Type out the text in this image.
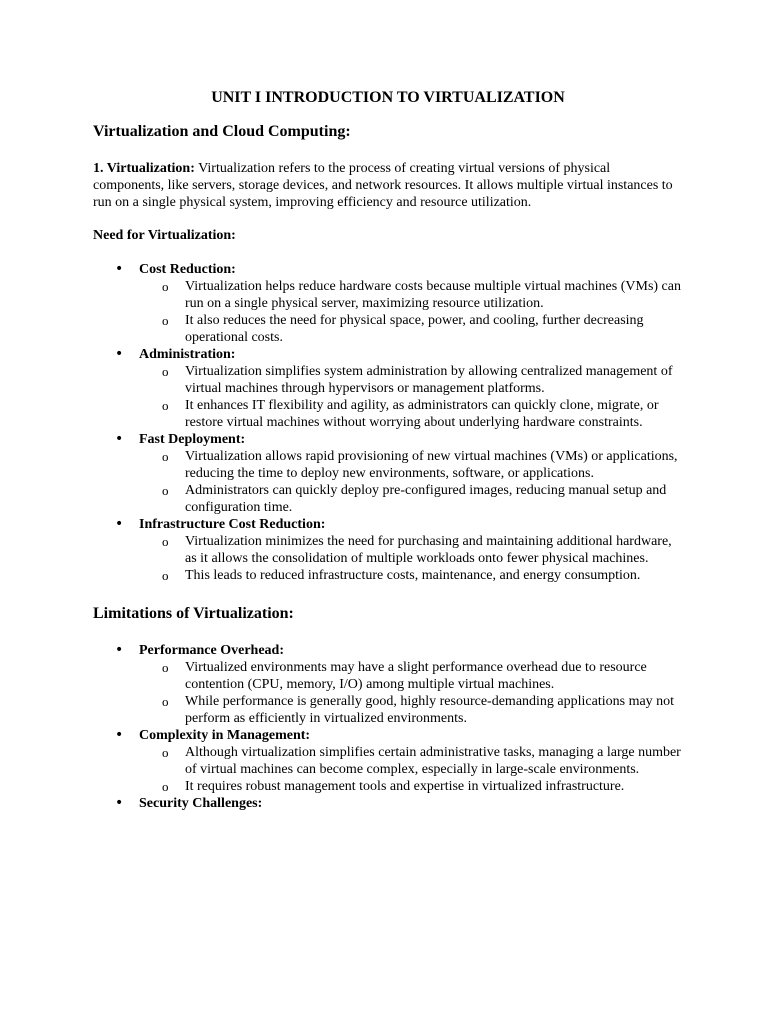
UNIT I INTRODUCTION TO VIRTUALIZATION
Virtualization and Cloud Computing:

1. Virtualization: Virtualization refers to the process of creating virtual versions of physical components, like servers, storage devices, and network resources. It allows multiple virtual instances to run on a single physical system, improving efficiency and resource utilization.

Need for Virtualization:
• Cost Reduction:
o Virtualization helps reduce hardware costs because multiple virtual machines (VMs) can run on a single physical server, maximizing resource utilization.
o It also reduces the need for physical space, power, and cooling, further decreasing operational costs.
• Administration:
o Virtualization simplifies system administration by allowing centralized management of virtual machines through hypervisors or management platforms.
o It enhances IT flexibility and agility, as administrators can quickly clone, migrate, or restore virtual machines without worrying about underlying hardware constraints.
• Fast Deployment:
o Virtualization allows rapid provisioning of new virtual machines (VMs) or applications, reducing the time to deploy new environments, software, or applications.
o Administrators can quickly deploy pre-configured images, reducing manual setup and configuration time.
• Infrastructure Cost Reduction:
o Virtualization minimizes the need for purchasing and maintaining additional hardware, as it allows the consolidation of multiple workloads onto fewer physical machines.
o This leads to reduced infrastructure costs, maintenance, and energy consumption.
Limitations of Virtualization:
• Performance Overhead:
o Virtualized environments may have a slight performance overhead due to resource contention (CPU, memory, I/O) among multiple virtual machines.
o While performance is generally good, highly resource-demanding applications may not perform as efficiently in virtualized environments.
• Complexity in Management:
o Although virtualization simplifies certain administrative tasks, managing a large number of virtual machines can become complex, especially in large-scale environments.
o It requires robust management tools and expertise in virtualized infrastructure.
• Security Challenges:
